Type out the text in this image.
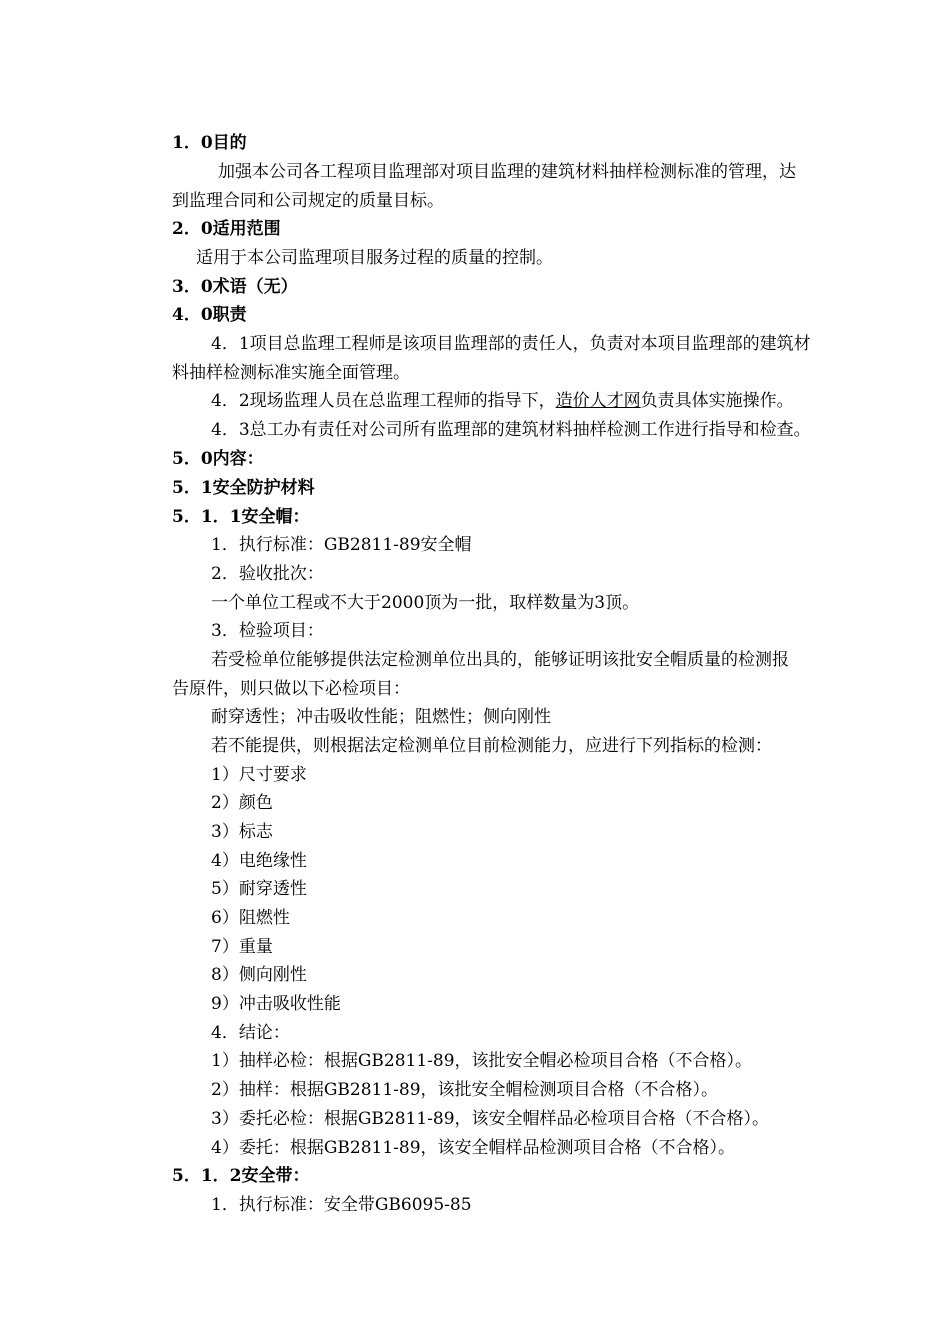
1．0目的
加强本公司各工程项目监理部对项目监理的建筑材料抽样检测标准的管理，达
到监理合同和公司规定的质量目标。
2．0适用范围
适用于本公司监理项目服务过程的质量的控制。
3．0术语（无）
4．0职责
4．1项目总监理工程师是该项目监理部的责任人，负责对本项目监理部的建筑材
料抽样检测标准实施全面管理。
4．2现场监理人员在总监理工程师的指导下，造价人才网负责具体实施操作。
4．3总工办有责任对公司所有监理部的建筑材料抽样检测工作进行指导和检查。
5．0内容：
5．1安全防护材料
5．1．1安全帽：
1．执行标准：GB2811-89安全帽
2．验收批次：
一个单位工程或不大于2000顶为一批，取样数量为3顶。
3．检验项目：
若受检单位能够提供法定检测单位出具的，能够证明该批安全帽质量的检测报
告原件，则只做以下必检项目：
耐穿透性；冲击吸收性能；阻燃性；侧向刚性
若不能提供，则根据法定检测单位目前检测能力，应进行下列指标的检测：
1）尺寸要求
2）颜色
3）标志
4）电绝缘性
5）耐穿透性
6）阻燃性
7）重量
8）侧向刚性
9）冲击吸收性能
4．结论：
1）抽样必检：根据GB2811-89，该批安全帽必检项目合格（不合格）。
2）抽样：根据GB2811-89，该批安全帽检测项目合格（不合格）。
3）委托必检：根据GB2811-89，该安全帽样品必检项目合格（不合格）。
4）委托：根据GB2811-89，该安全帽样品检测项目合格（不合格）。
5．1．2安全带：
1．执行标准：安全带GB6095-85
